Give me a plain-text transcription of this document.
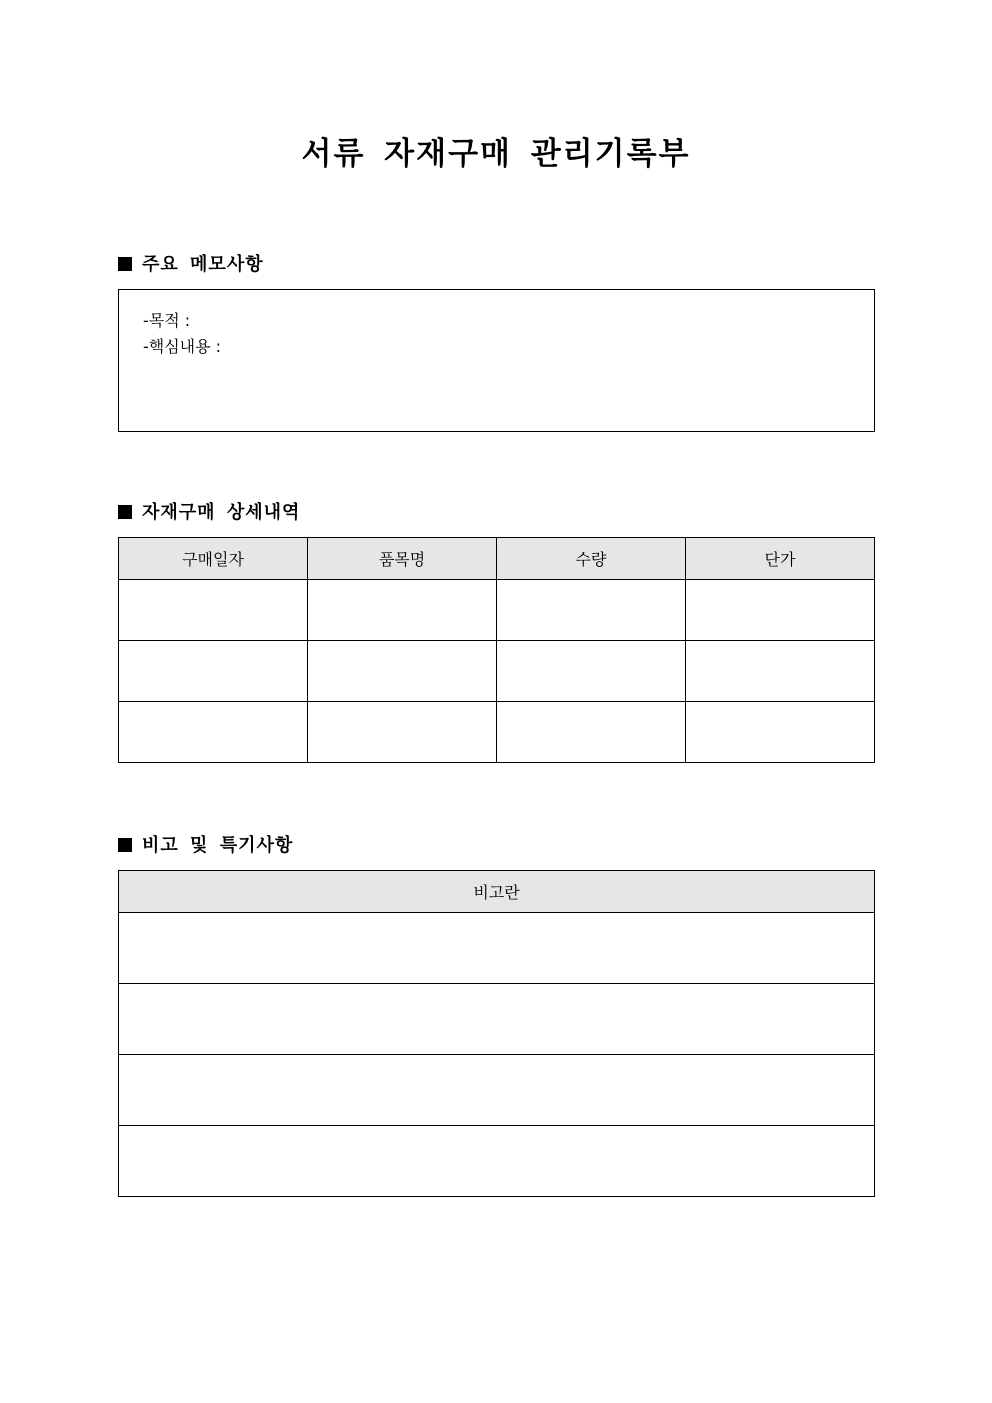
서류 자재구매 관리기록부
주요 메모사항
-목적 :
-핵심내용 :
자재구매 상세내역
구매일자	품목명	수량	단가

비고 및 특기사항
비고란
